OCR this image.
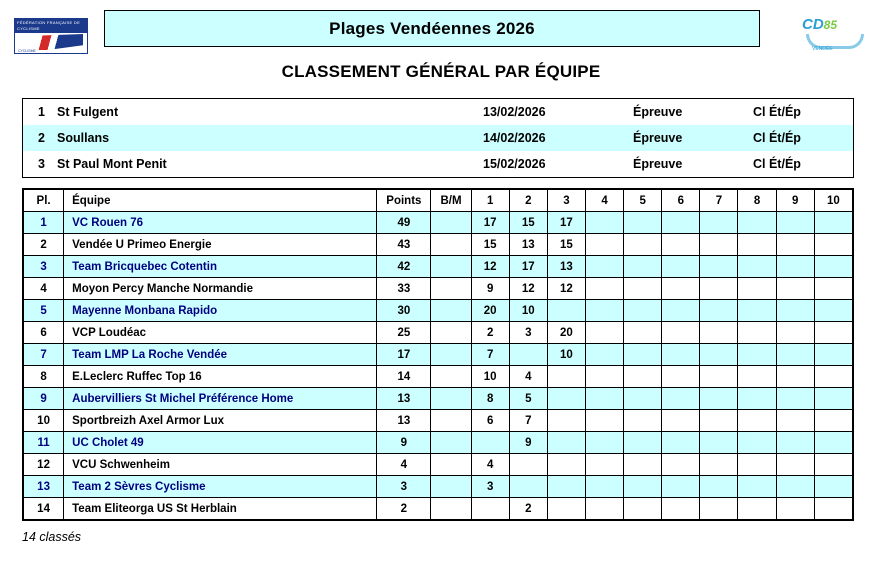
FÉDÉRATION FRANÇAISE DE CYCLISME
CYCLISME
Plages Vendéennes 2026	CD85
VENDÉE
CLASSEMENT GÉNÉRAL PAR ÉQUIPE
1 St Fulgent	13/02/2026	Épreuve	Cl Ét/Ép
2 Soullans	14/02/2026	Épreuve	Cl Ét/Ép
3 St Paul Mont Penit	15/02/2026	Épreuve	Cl Ét/Ép
Pl.	Équipe	Points	B/M	1	2	3	4	5	6	7	8	9	10
1	VC Rouen 76	49		17	15	17							
2	Vendée U Primeo Energie	43		15	13	15							
3	Team Bricquebec Cotentin	42		12	17	13							
4	Moyon Percy Manche Normandie	33		9	12	12							
5	Mayenne Monbana Rapido	30		20	10								
6	VCP Loudéac	25		2	3	20							
7	Team LMP La Roche Vendée	17		7		10							
8	E.Leclerc Ruffec Top 16	14		10	4								
9	Aubervilliers St Michel Préférence Home	13		8	5								
10	Sportbreizh Axel Armor Lux	13		6	7								
11	UC Cholet 49	9			9								
12	VCU Schwenheim	4		4									
13	Team 2 Sèvres Cyclisme	3		3									
14	Team Eliteorga US St Herblain	2			2								
14 classés
